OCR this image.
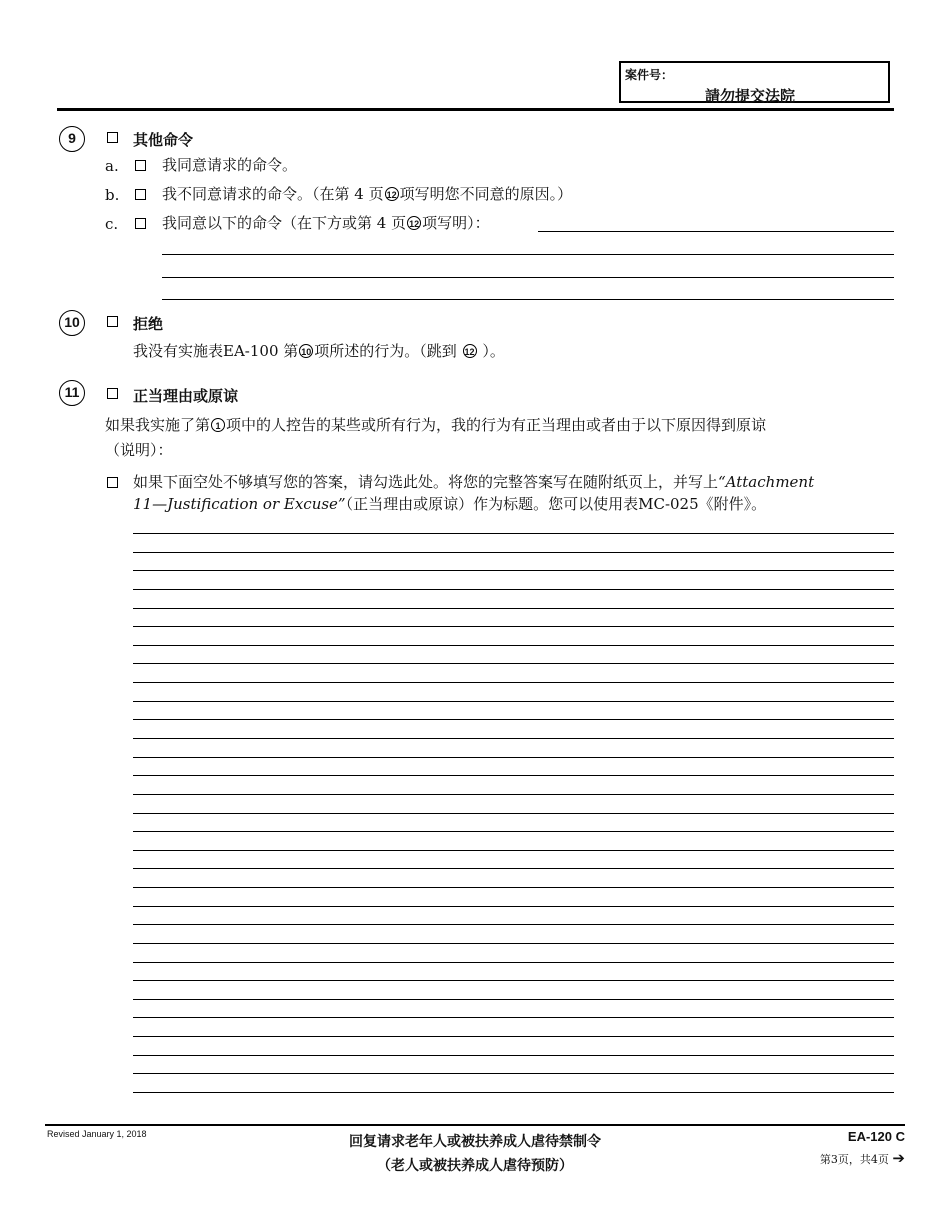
案件号：
請勿提交法院
9	其他命令
a.	我同意请求的命令。
b.	我不同意请求的命令。（在第 4 页 12 项写明您不同意的原因。）
c.	我同意以下的命令（在下方或第 4 页 12 项写明）：
10	拒绝
我没有实施表EA-100 第 10 项所述的行为。（跳到 12 ）。
11	正当理由或原谅
如果我实施了第 1 项中的人控告的某些或所有行为，我的行为有正当理由或者由于以下原因得到原谅
（说明）：
如果下面空处不够填写您的答案，请勾选此处。将您的完整答案写在随附纸页上，并写上“Attachment
11—Justification or Excuse”（正当理由或原谅）作为标题。您可以使用表MC-025《附件》。
Revised January 1, 2018	回复请求老年人或被扶养成人虐待禁制令
（老人或被扶养成人虐待预防）
EA-120 C
第3页，共4页 ➔
